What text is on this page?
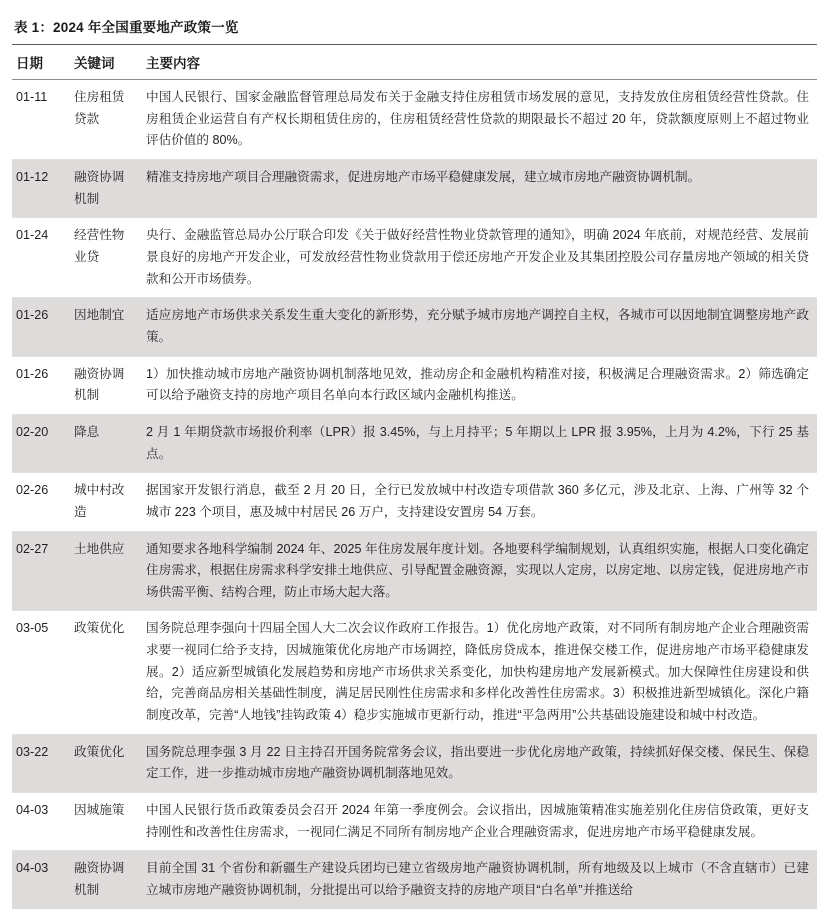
表 1：2024 年全国重要地产政策一览
日期	关键词	主要内容
01-11	住房租赁贷款	中国人民银行、国家金融监督管理总局发布关于金融支持住房租赁市场发展的意见，支持发放住房租赁经营性贷款。住房租赁企业运营自有产权长期租赁住房的，住房租赁经营性贷款的期限最长不超过 20 年，贷款额度原则上不超过物业评估价值的 80%。
01-12	融资协调机制	精准支持房地产项目合理融资需求，促进房地产市场平稳健康发展，建立城市房地产融资协调机制。
01-24	经营性物业贷	央行、金融监管总局办公厅联合印发《关于做好经营性物业贷款管理的通知》，明确 2024 年底前，对规范经营、发展前景良好的房地产开发企业，可发放经营性物业贷款用于偿还房地产开发企业及其集团控股公司存量房地产领域的相关贷款和公开市场债券。
01-26	因地制宜	适应房地产市场供求关系发生重大变化的新形势，充分赋予城市房地产调控自主权，各城市可以因地制宜调整房地产政策。
01-26	融资协调机制	1）加快推动城市房地产融资协调机制落地见效，推动房企和金融机构精准对接，积极满足合理融资需求。2）筛选确定可以给予融资支持的房地产项目名单向本行政区域内金融机构推送。
02-20	降息	2 月 1 年期贷款市场报价利率（LPR）报 3.45%，与上月持平；5 年期以上 LPR 报 3.95%，上月为 4.2%，下行 25 基点。
02-26	城中村改造	据国家开发银行消息，截至 2 月 20 日，全行已发放城中村改造专项借款 360 多亿元，涉及北京、上海、广州等 32 个城市 223 个项目，惠及城中村居民 26 万户，支持建设安置房 54 万套。
02-27	土地供应	通知要求各地科学编制 2024 年、2025 年住房发展年度计划。各地要科学编制规划，认真组织实施，根据人口变化确定住房需求，根据住房需求科学安排土地供应、引导配置金融资源，实现以人定房，以房定地、以房定钱，促进房地产市场供需平衡、结构合理，防止市场大起大落。
03-05	政策优化	国务院总理李强向十四届全国人大二次会议作政府工作报告。1）优化房地产政策，对不同所有制房地产企业合理融资需求要一视同仁给予支持，因城施策优化房地产市场调控，降低房贷成本，推进保交楼工作，促进房地产市场平稳健康发展。2）适应新型城镇化发展趋势和房地产市场供求关系变化，加快构建房地产发展新模式。加大保障性住房建设和供给，完善商品房相关基础性制度，满足居民刚性住房需求和多样化改善性住房需求。3）积极推进新型城镇化。深化户籍制度改革，完善“人地钱”挂钩政策 4）稳步实施城市更新行动，推进“平急两用”公共基础设施建设和城中村改造。
03-22	政策优化	国务院总理李强 3 月 22 日主持召开国务院常务会议，指出要进一步优化房地产政策，持续抓好保交楼、保民生、保稳定工作，进一步推动城市房地产融资协调机制落地见效。
04-03	因城施策	中国人民银行货币政策委员会召开 2024 年第一季度例会。会议指出，因城施策精准实施差别化住房信贷政策，更好支持刚性和改善性住房需求，一视同仁满足不同所有制房地产企业合理融资需求，促进房地产市场平稳健康发展。
04-03	融资协调机制	目前全国 31 个省份和新疆生产建设兵团均已建立省级房地产融资协调机制，所有地级及以上城市（不含直辖市）已建立城市房地产融资协调机制，分批提出可以给予融资支持的房地产项目“白名单”并推送给
